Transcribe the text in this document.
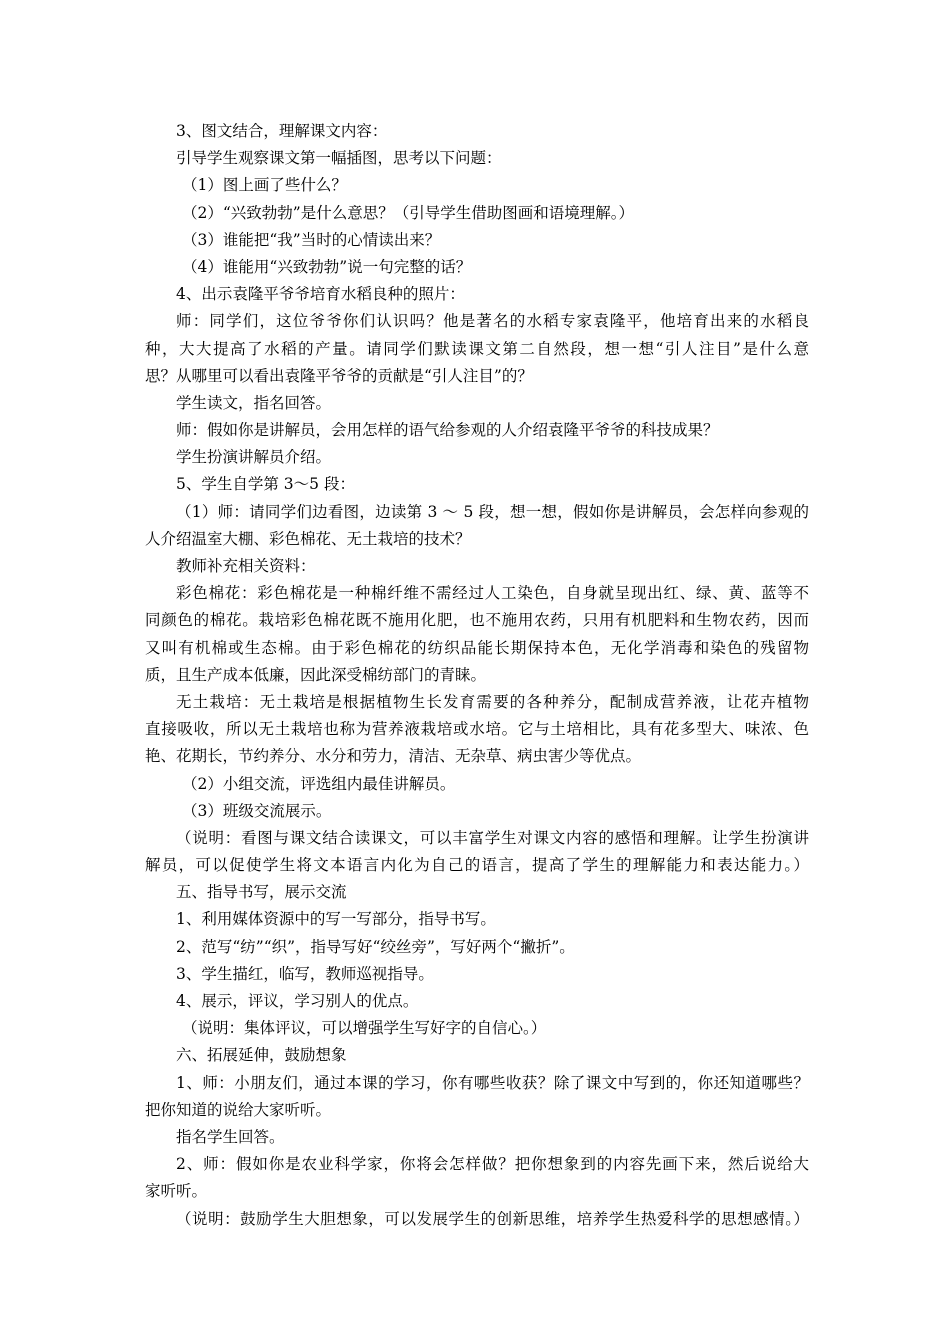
3、图文结合，理解课文内容：
引导学生观察课文第一幅插图，思考以下问题：
（1）图上画了些什么？
（2）“兴致勃勃”是什么意思？（引导学生借助图画和语境理解。）
（3）谁能把“我”当时的心情读出来？
（4）谁能用“兴致勃勃”说一句完整的话？
4、出示袁隆平爷爷培育水稻良种的照片：
师：同学们，这位爷爷你们认识吗？他是著名的水稻专家袁隆平，他培育出来的水稻良
种，大大提高了水稻的产量。请同学们默读课文第二自然段，想一想“引人注目”是什么意
思？从哪里可以看出袁隆平爷爷的贡献是“引人注目”的？
学生读文，指名回答。
师：假如你是讲解员，会用怎样的语气给参观的人介绍袁隆平爷爷的科技成果？
学生扮演讲解员介绍。
5、学生自学第 3～5 段：
（1）师：请同学们边看图，边读第 3 ～ 5 段，想一想，假如你是讲解员，会怎样向参观的
人介绍温室大棚、彩色棉花、无土栽培的技术？
教师补充相关资料：
彩色棉花：彩色棉花是一种棉纤维不需经过人工染色，自身就呈现出红、绿、黄、蓝等不
同颜色的棉花。栽培彩色棉花既不施用化肥，也不施用农药，只用有机肥料和生物农药，因而
又叫有机棉或生态棉。由于彩色棉花的纺织品能长期保持本色，无化学消毒和染色的残留物
质，且生产成本低廉，因此深受棉纺部门的青睐。
无土栽培：无土栽培是根据植物生长发育需要的各种养分，配制成营养液，让花卉植物
直接吸收，所以无土栽培也称为营养液栽培或水培。它与土培相比，具有花多型大、味浓、色
艳、花期长，节约养分、水分和劳力，清洁、无杂草、病虫害少等优点。
（2）小组交流，评选组内最佳讲解员。
（3）班级交流展示。
（说明：看图与课文结合读课文，可以丰富学生对课文内容的感悟和理解。让学生扮演讲
解员，可以促使学生将文本语言内化为自己的语言，提高了学生的理解能力和表达能力。）
五、指导书写，展示交流
1、利用媒体资源中的写一写部分，指导书写。
2、范写“纺”“织”，指导写好“绞丝旁”，写好两个“撇折”。
3、学生描红，临写，教师巡视指导。
4、展示，评议，学习别人的优点。
（说明：集体评议，可以增强学生写好字的自信心。）
六、拓展延伸，鼓励想象
1、师：小朋友们，通过本课的学习，你有哪些收获？除了课文中写到的，你还知道哪些？
把你知道的说给大家听听。
指名学生回答。
2、师：假如你是农业科学家，你将会怎样做？把你想象到的内容先画下来，然后说给大
家听听。
（说明：鼓励学生大胆想象，可以发展学生的创新思维，培养学生热爱科学的思想感情。）
